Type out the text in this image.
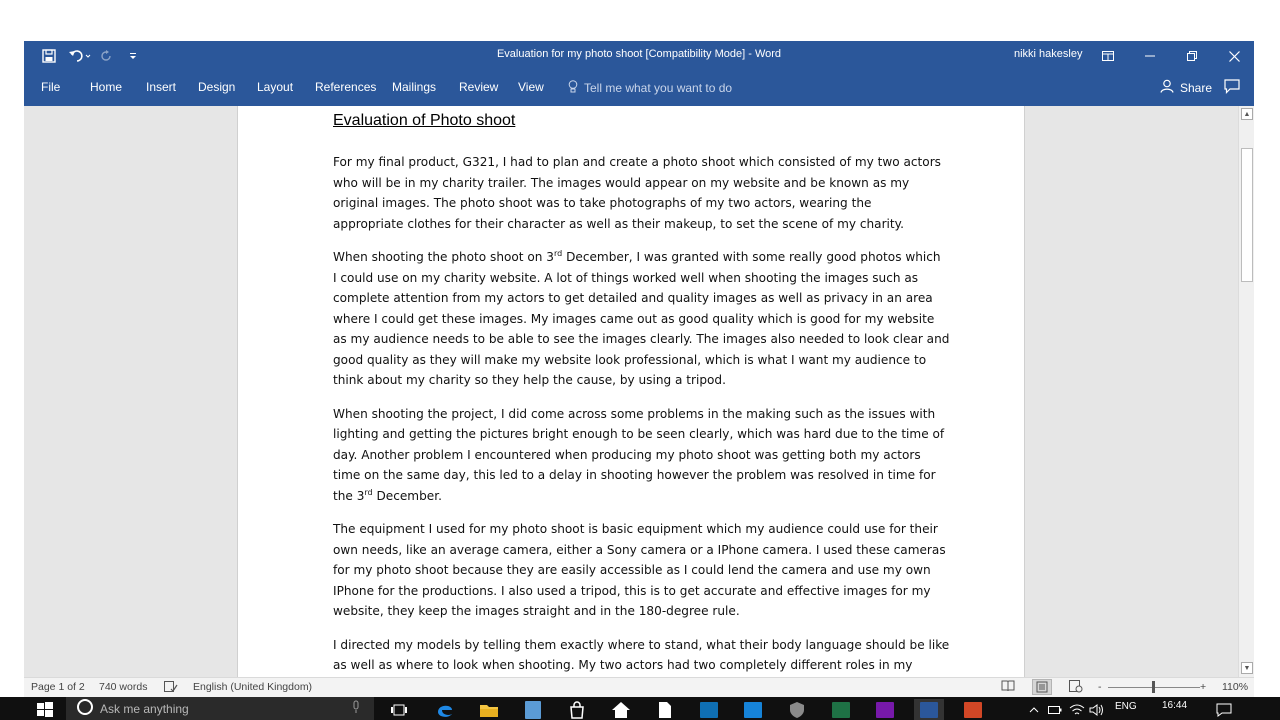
Evaluation for my photo shoot [Compatibility Mode] - Word	nikki hakesley
File Home Insert Design Layout References Mailings Review View	Tell me what you want to do	Share
Evaluation of Photo shoot

For my final product, G321, I had to plan and create a photo shoot which consisted of my two actors
who will be in my charity trailer. The images would appear on my website and be known as my
original images. The photo shoot was to take photographs of my two actors, wearing the
appropriate clothes for their character as well as their makeup, to set the scene of my charity.

When shooting the photo shoot on 3rd December, I was granted with some really good photos which
I could use on my charity website. A lot of things worked well when shooting the images such as
complete attention from my actors to get detailed and quality images as well as privacy in an area
where I could get these images. My images came out as good quality which is good for my website
as my audience needs to be able to see the images clearly. The images also needed to look clear and
good quality as they will make my website look professional, which is what I want my audience to
think about my charity so they help the cause, by using a tripod.

When shooting the project, I did come across some problems in the making such as the issues with
lighting and getting the pictures bright enough to be seen clearly, which was hard due to the time of
day. Another problem I encountered when producing my photo shoot was getting both my actors
time on the same day, this led to a delay in shooting however the problem was resolved in time for
the 3rd December.

The equipment I used for my photo shoot is basic equipment which my audience could use for their
own needs, like an average camera, either a Sony camera or a IPhone camera. I used these cameras
for my photo shoot because they are easily accessible as I could lend the camera and use my own
IPhone for the productions. I also used a tripod, this is to get accurate and effective images for my
website, they keep the images straight and in the 180-degree rule.

I directed my models by telling them exactly where to stand, what their body language should be like
as well as where to look when shooting. My two actors had two completely different roles in my

▲
▼
Page 1 of 2 740 words	English (United Kingdom)	-	+ 110%
Ask me anything	ENG	16:44
